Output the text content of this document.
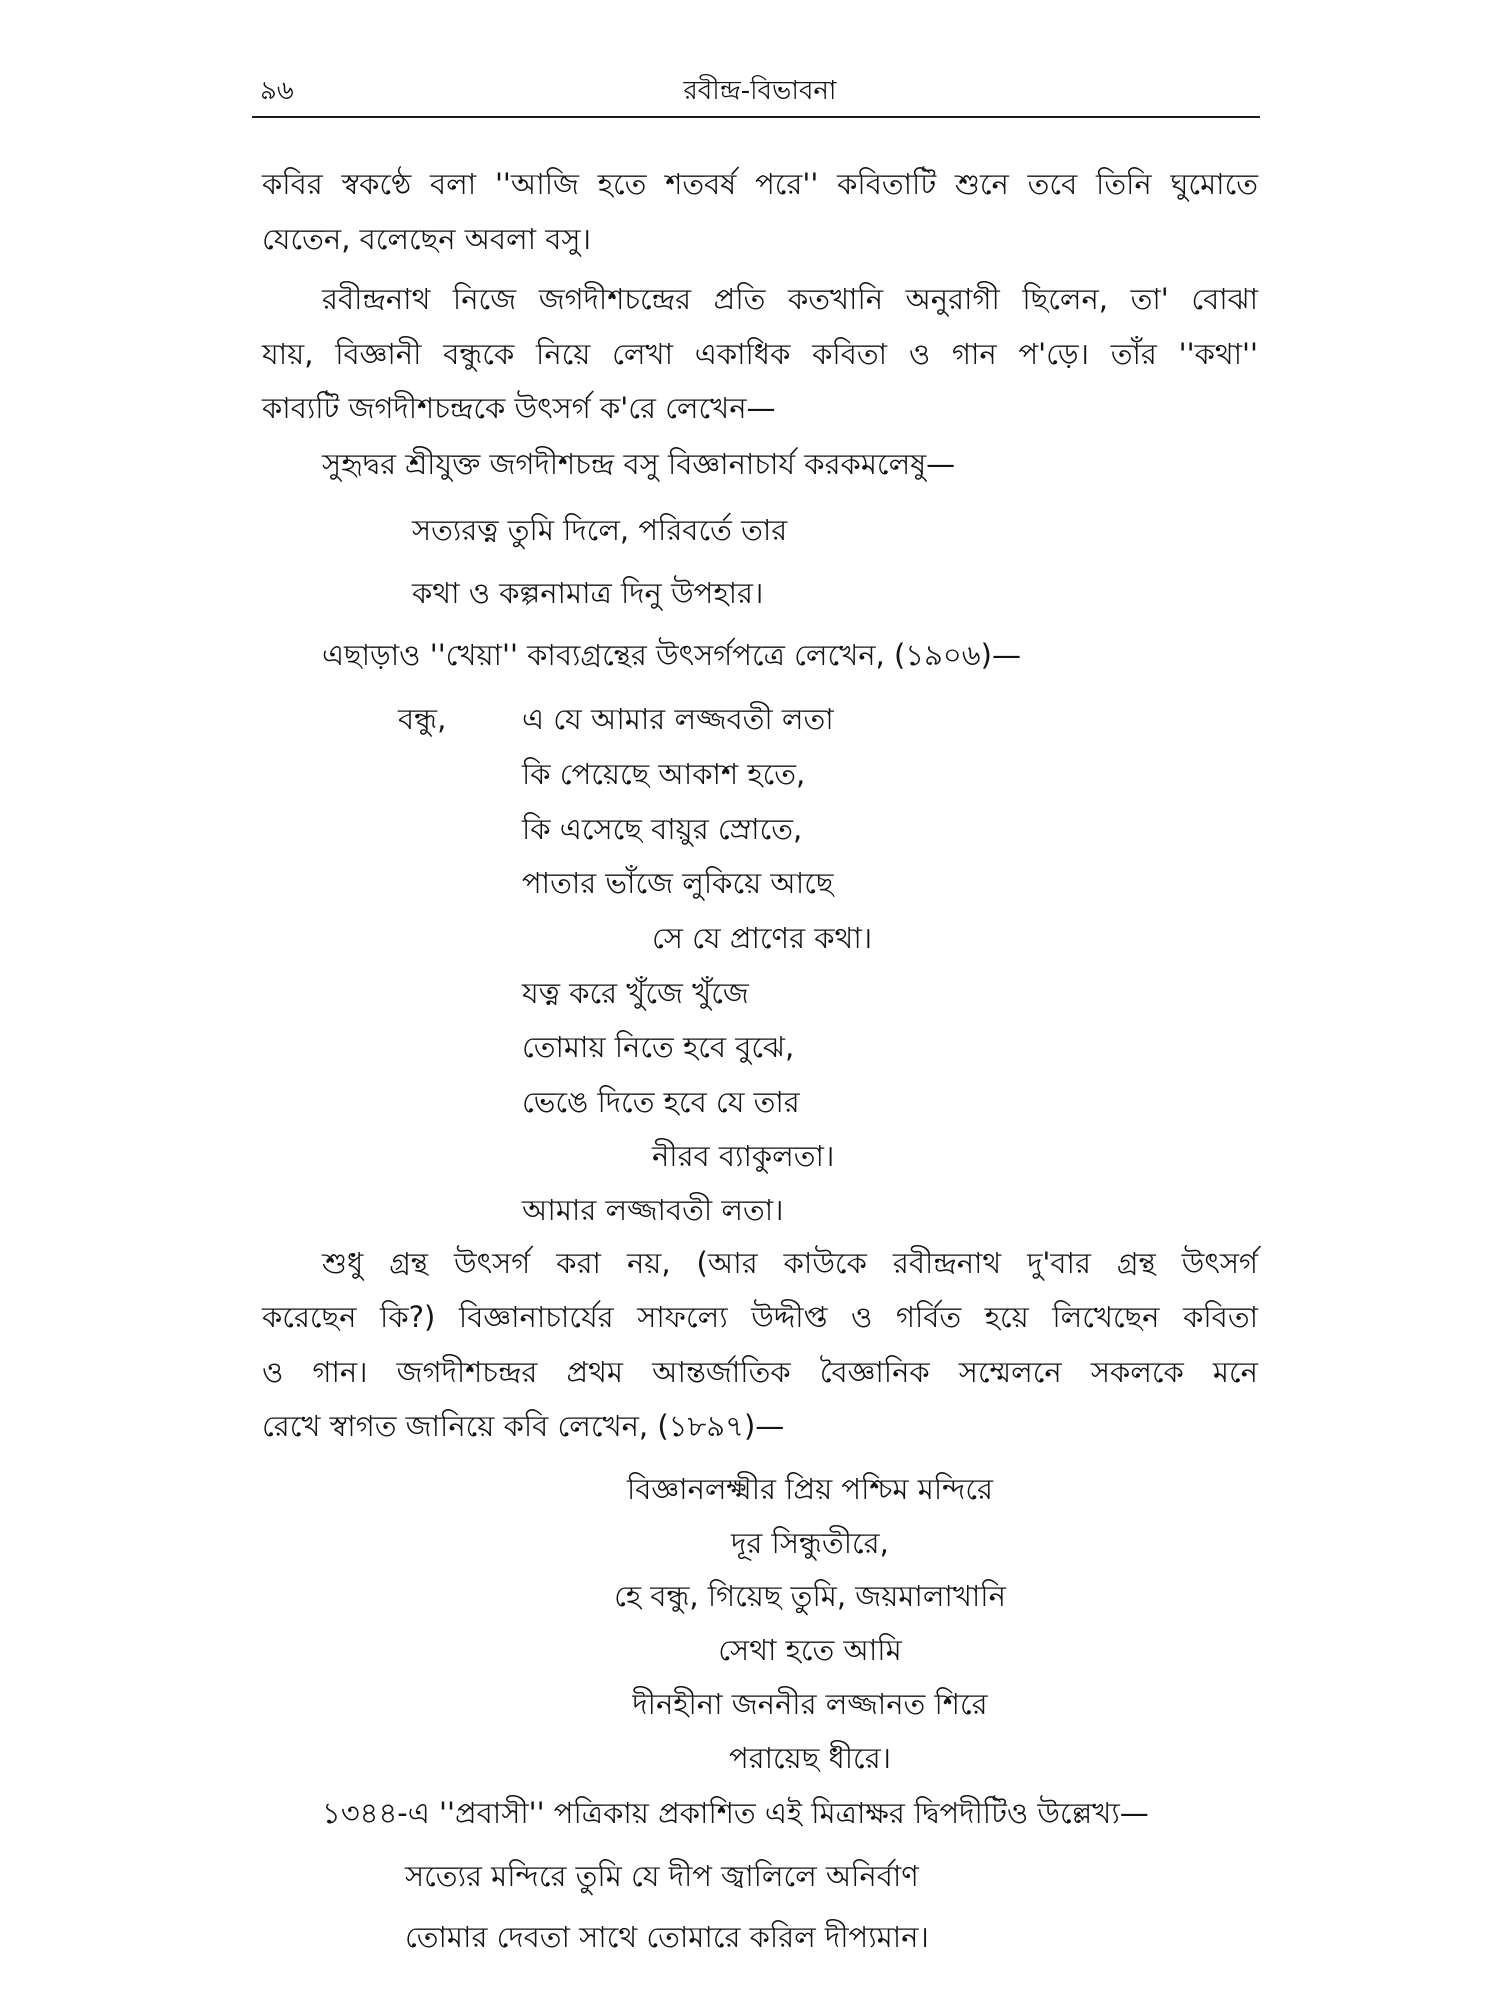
৯৬	রবীন্দ্র-বিভাবনা
কবির স্বকণ্ঠে বলা ''আজি হতে শতবর্ষ পরে'' কবিতাটি শুনে তবে তিনি ঘুমোতে
যেতেন, বলেছেন অবলা বসু।
রবীন্দ্রনাথ নিজে জগদীশচন্দ্রের প্রতি কতখানি অনুরাগী ছিলেন, তা' বোঝা
যায়, বিজ্ঞানী বন্ধুকে নিয়ে লেখা একাধিক কবিতা ও গান প'ড়ে। তাঁর ''কথা''
কাব্যটি জগদীশচন্দ্রকে উৎসর্গ ক'রে লেখেন—
সুহৃদ্বর শ্রীযুক্ত জগদীশচন্দ্র বসু বিজ্ঞানাচার্য করকমলেষু—
সত্যরত্ন তুমি দিলে, পরিবর্তে তার
কথা ও কল্পনামাত্র দিনু উপহার।
এছাড়াও ''খেয়া'' কাব্যগ্রন্থের উৎসর্গপত্রে লেখেন, (১৯০৬)—
বন্ধু,	এ যে আমার লজ্জবতী লতা
কি পেয়েছে আকাশ হতে,
কি এসেছে বায়ুর স্রোতে,
পাতার ভাঁজে লুকিয়ে আছে
সে যে প্রাণের কথা।
যত্ন করে খুঁজে খুঁজে
তোমায় নিতে হবে বুঝে,
ভেঙে দিতে হবে যে তার
নীরব ব্যাকুলতা।
আমার লজ্জাবতী লতা।
শুধু গ্রন্থ উৎসর্গ করা নয়, (আর কাউকে রবীন্দ্রনাথ দু'বার গ্রন্থ উৎসর্গ
করেছেন কি?) বিজ্ঞানাচার্যের সাফল্যে উদ্দীপ্ত ও গর্বিত হয়ে লিখেছেন কবিতা
ও গান। জগদীশচন্দ্রর প্রথম আন্তর্জাতিক বৈজ্ঞানিক সম্মেলনে সকলকে মনে
রেখে স্বাগত জানিয়ে কবি লেখেন, (১৮৯৭)—
বিজ্ঞানলক্ষ্মীর প্রিয় পশ্চিম মন্দিরে
দূর সিন্ধুতীরে,
হে বন্ধু, গিয়েছ তুমি, জয়মালাখানি
সেথা হতে আমি
দীনহীনা জননীর লজ্জানত শিরে
পরায়েছ ধীরে।
১৩৪৪-এ ''প্রবাসী'' পত্রিকায় প্রকাশিত এই মিত্রাক্ষর দ্বিপদীটিও উল্লেখ্য—
সত্যের মন্দিরে তুমি যে দীপ জ্বালিলে অনির্বাণ
তোমার দেবতা সাথে তোমারে করিল দীপ্যমান।
